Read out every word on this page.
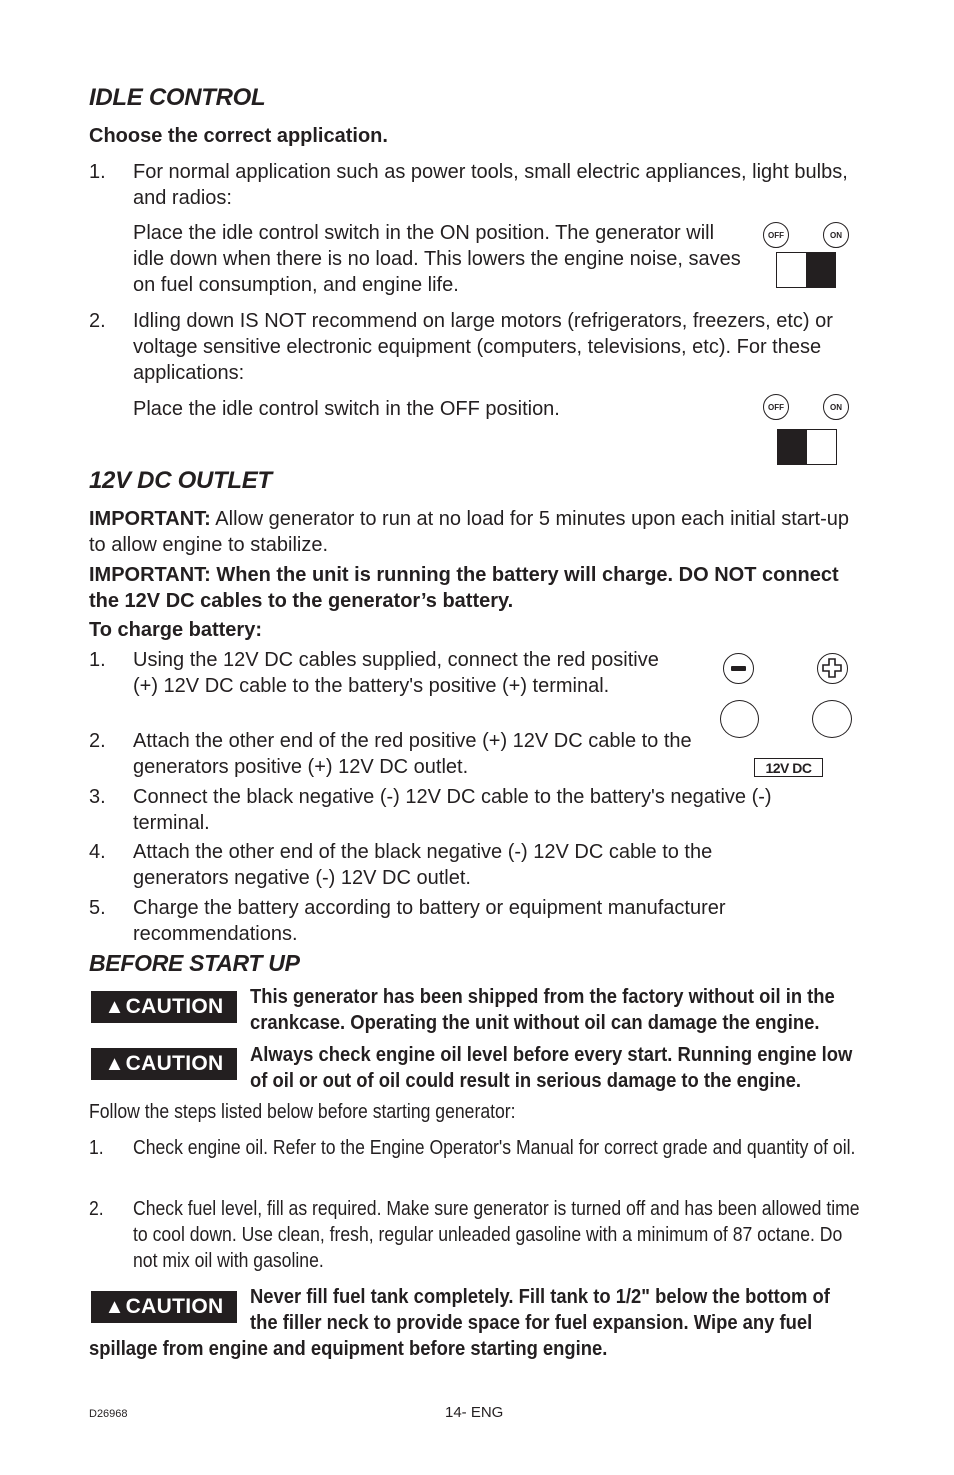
IDLE CONTROL
Choose the correct application.
1. For normal application such as power tools, small electric appliances, light bulbs, and radios:
Place the idle control switch in the ON position. The generator will idle down when there is no load. This lowers the engine noise, saves on fuel consumption, and engine life.
OFF	ON
2. Idling down IS NOT recommend on large motors (refrigerators, freezers, etc) or voltage sensitive electronic equipment (computers, televisions, etc). For these applications:
Place the idle control switch in the OFF position.	OFF	ON
12V DC OUTLET
IMPORTANT: Allow generator to run at no load for 5 minutes upon each initial start-up to allow engine to stabilize.
IMPORTANT: When the unit is running the battery will charge. DO NOT connect the 12V DC cables to the generator’s battery.
To charge battery:
1. Using the 12V DC cables supplied, connect the red positive (+) 12V DC cable to the battery's positive (+) terminal.
2. Attach the other end of the red positive (+) 12V DC cable to the generators positive (+) 12V DC outlet.
3. Connect the black negative (-) 12V DC cable to the battery's negative (-) terminal.
4. Attach the other end of the black negative (-) 12V DC cable to the generators negative (-) 12V DC outlet.
5. Charge the battery according to battery or equipment manufacturer recommendations.
12V DC
BEFORE START UP
▲ CAUTION This generator has been shipped from the factory without oil in the crankcase. Operating the unit without oil can damage the engine.
▲ CAUTION Always check engine oil level before every start. Running engine low of oil or out of oil could result in serious damage to the engine.
Follow the steps listed below before starting generator:
1. Check engine oil. Refer to the Engine Operator's Manual for correct grade and quantity of oil.
2. Check fuel level, fill as required. Make sure generator is turned off and has been allowed time to cool down. Use clean, fresh, regular unleaded gasoline with a minimum of 87 octane. Do not mix oil with gasoline.
▲ CAUTION Never fill fuel tank completely. Fill tank to 1/2" below the bottom of
the filler neck to provide space for fuel expansion. Wipe any fuel
spillage from engine and equipment before starting engine.
D26968	14- ENG
